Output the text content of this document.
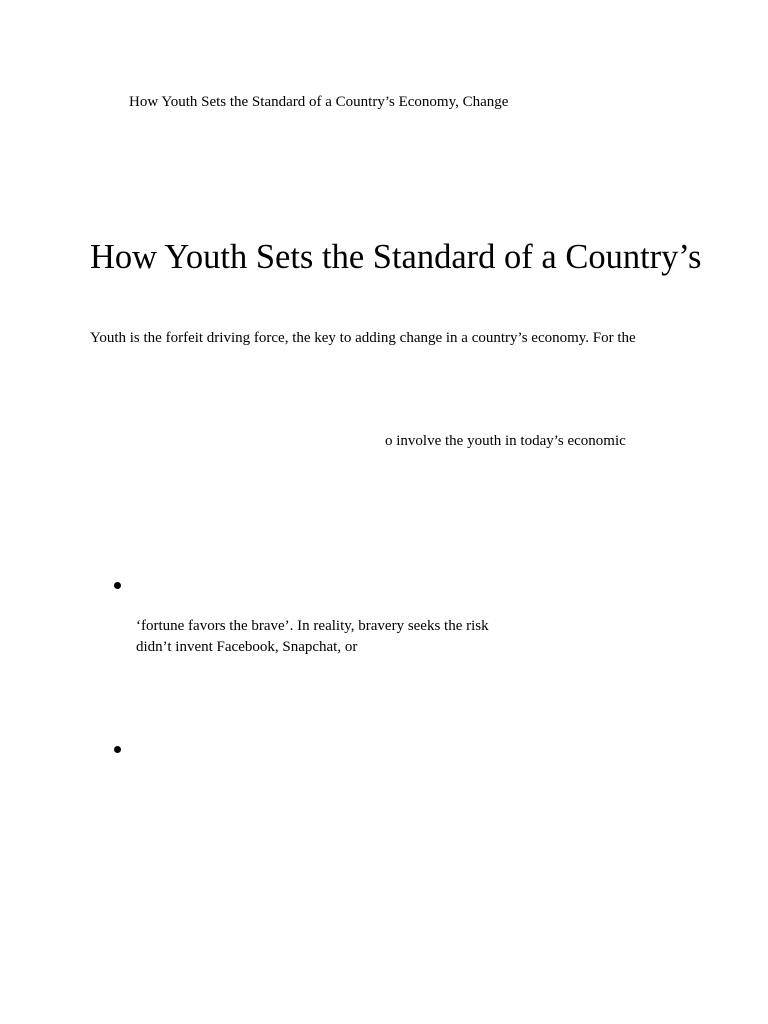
How Youth Sets the Standard of a Country’s Economy, Change
How Youth Sets the Standard of a Country’s

Youth is the forfeit driving force, the key to adding change in a country’s economy. For the

o involve the youth in today’s economic

‘fortune favors the brave’. In reality, bravery seeks the risk

didn’t invent Facebook, Snapchat, or
